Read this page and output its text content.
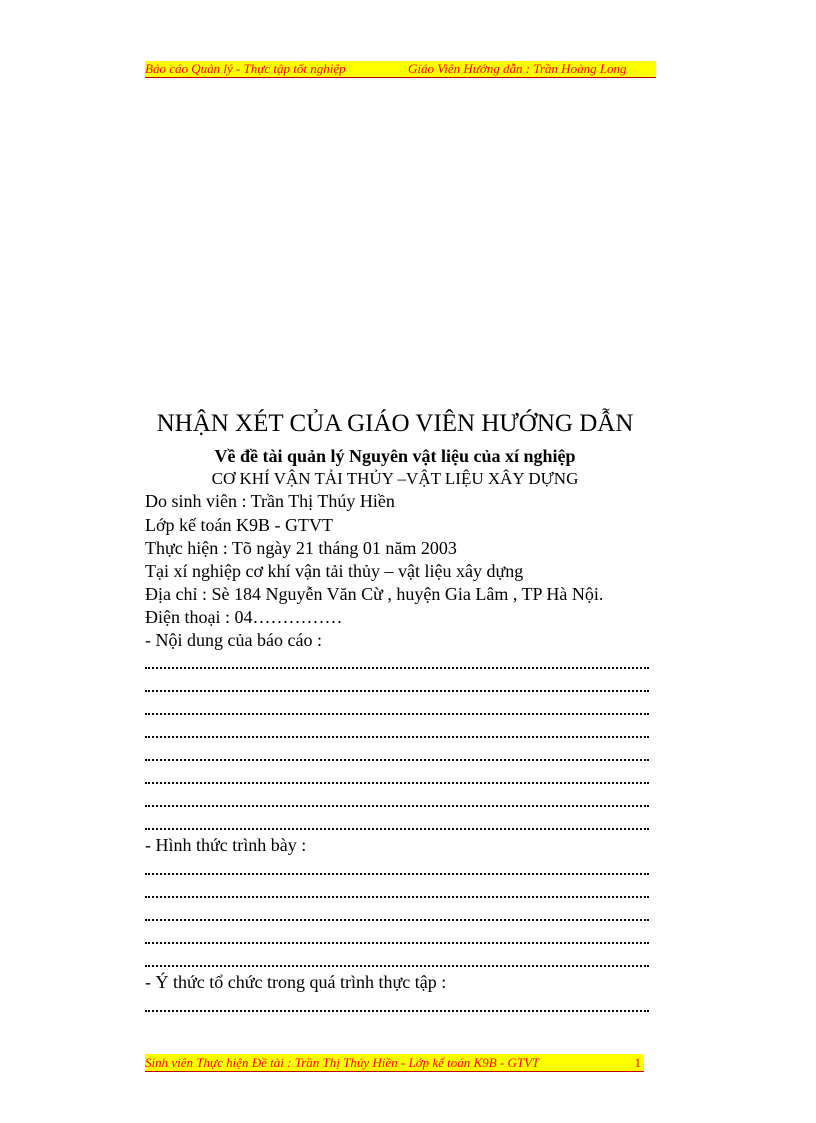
Báo cáo Quản lý - Thực tập tốt nghiệp	Giáo Viên Hướng dẫn : Trần Hoàng Long
NHẬN XÉT CỦA GIÁO VIÊN HƯỚNG DẪN
Về đề tài quản lý Nguyên vật liệu của xí nghiệp
CƠ KHÍ VẬN TẢI THỦY –VẬT LIỆU XÂY DỰNG
Do sinh viên : Trần Thị Thúy Hiền
Lớp kế toán K9B - GTVT
Thực hiện : Tõ ngày 21 tháng 01 năm 2003
Tại xí nghiệp cơ khí vận tải thủy – vật liệu xây dựng
Địa chỉ : Sè 184 Nguyễn Văn Cừ , huyện Gia Lâm , TP Hà Nội.
Điện thoại : 04……………
- Nội dung của báo cáo :
- Hình thức trình bày :
- Ý thức tổ chức trong quá trình thực tập :
Sinh viên Thực hiện Đề tài : Trần Thị Thúy Hiền - Lớp kế toán K9B - GTVT	1
